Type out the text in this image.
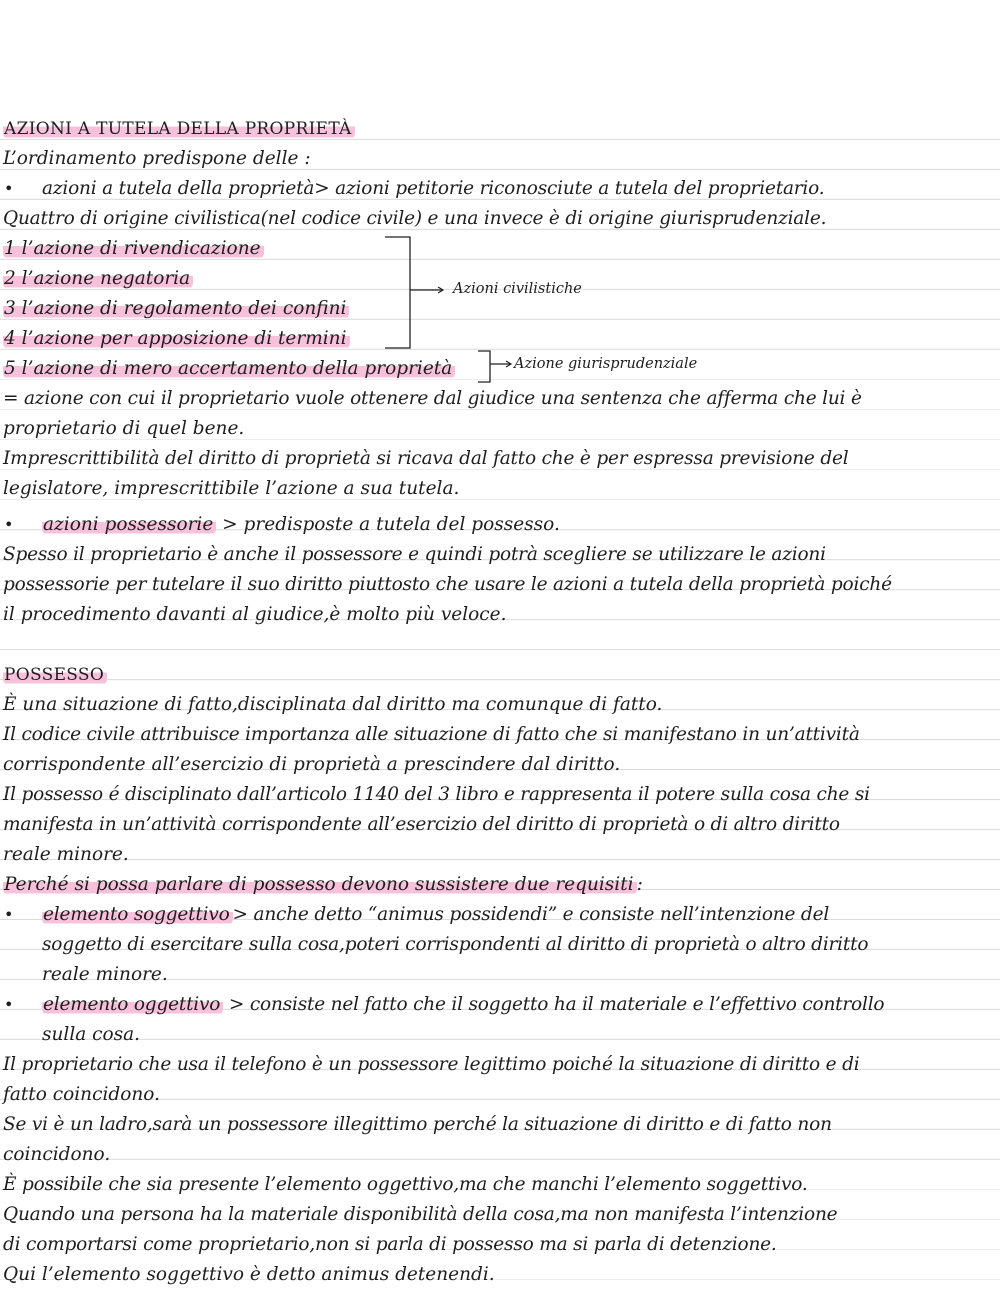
AZIONI A TUTELA DELLA PROPRIETÀ
L’ordinamento predispone delle :
• azioni a tutela della proprietà> azioni petitorie riconosciute a tutela del proprietario.
Quattro di origine civilistica(nel codice civile) e una invece è di origine giurisprudenziale.
1 l’azione di rivendicazione
2 l’azione negatoria
3 l’azione di regolamento dei confini
4 l’azione per apposizione di termini
5 l’azione di mero accertamento della proprietà
Azioni civilistiche
Azione giurisprudenziale
= azione con cui il proprietario vuole ottenere dal giudice una sentenza che afferma che lui è
proprietario di quel bene.
Imprescrittibilità del diritto di proprietà si ricava dal fatto che è per espressa previsione del
legislatore, imprescrittibile l’azione a sua tutela.
• azioni possessorie > predisposte a tutela del possesso.
Spesso il proprietario è anche il possessore e quindi potrà scegliere se utilizzare le azioni
possessorie per tutelare il suo diritto piuttosto che usare le azioni a tutela della proprietà poiché
il procedimento davanti al giudice,è molto più veloce.
POSSESSO
È una situazione di fatto,disciplinata dal diritto ma comunque di fatto.
Il codice civile attribuisce importanza alle situazione di fatto che si manifestano in un’attività
corrispondente all’esercizio di proprietà a prescindere dal diritto.
Il possesso é disciplinato dall’articolo 1140 del 3 libro e rappresenta il potere sulla cosa che si
manifesta in un’attività corrispondente all’esercizio del diritto di proprietà o di altro diritto
reale minore.
Perché si possa parlare di possesso devono sussistere due requisiti :
• elemento soggettivo > anche detto “animus possidendi” e consiste nell’intenzione del
soggetto di esercitare sulla cosa,poteri corrispondenti al diritto di proprietà o altro diritto
reale minore.
• elemento oggettivo > consiste nel fatto che il soggetto ha il materiale e l’effettivo controllo
sulla cosa.
Il proprietario che usa il telefono è un possessore legittimo poiché la situazione di diritto e di
fatto coincidono.
Se vi è un ladro,sarà un possessore illegittimo perché la situazione di diritto e di fatto non
coincidono.
È possibile che sia presente l’elemento oggettivo,ma che manchi l’elemento soggettivo.
Quando una persona ha la materiale disponibilità della cosa,ma non manifesta l’intenzione
di comportarsi come proprietario,non si parla di possesso ma si parla di detenzione.
Qui l’elemento soggettivo è detto animus detenendi.
